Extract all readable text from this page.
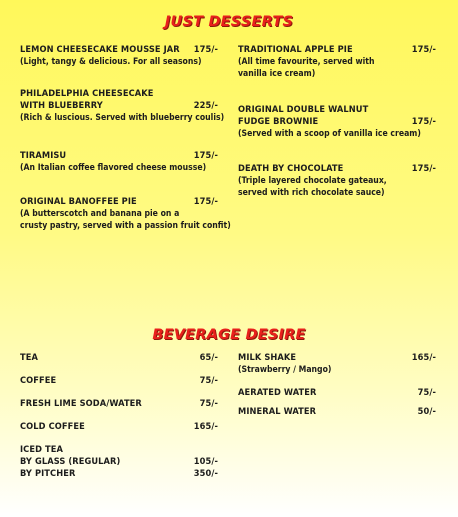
JUST DESSERTS
LEMON CHEESECAKE MOUSSE JAR 175/-
(Light, tangy & delicious. For all seasons)
PHILADELPHIA CHEESECAKE
WITH BLUEBERRY	225/-
(Rich & luscious. Served with blueberry coulis)
TIRAMISU	175/-
(An Italian coffee flavored cheese mousse)
ORIGINAL BANOFFEE PIE	175/-
(A butterscotch and banana pie on a
crusty pastry, served with a passion fruit confit)
TRADITIONAL APPLE PIE	175/-
(All time favourite, served with
vanilla ice cream)
ORIGINAL DOUBLE WALNUT
FUDGE BROWNIE	175/-
(Served with a scoop of vanilla ice cream)
DEATH BY CHOCOLATE	175/-
(Triple layered chocolate gateaux,
served with rich chocolate sauce)
BEVERAGE DESIRE
TEA	65/-
COFFEE	75/-
FRESH LIME SODA/WATER	75/-
COLD COFFEE	165/-
ICED TEA
BY GLASS (REGULAR)	105/-
BY PITCHER	350/-
MILK SHAKE	165/-
(Strawberry / Mango)
AERATED WATER	75/-
MINERAL WATER	50/-
